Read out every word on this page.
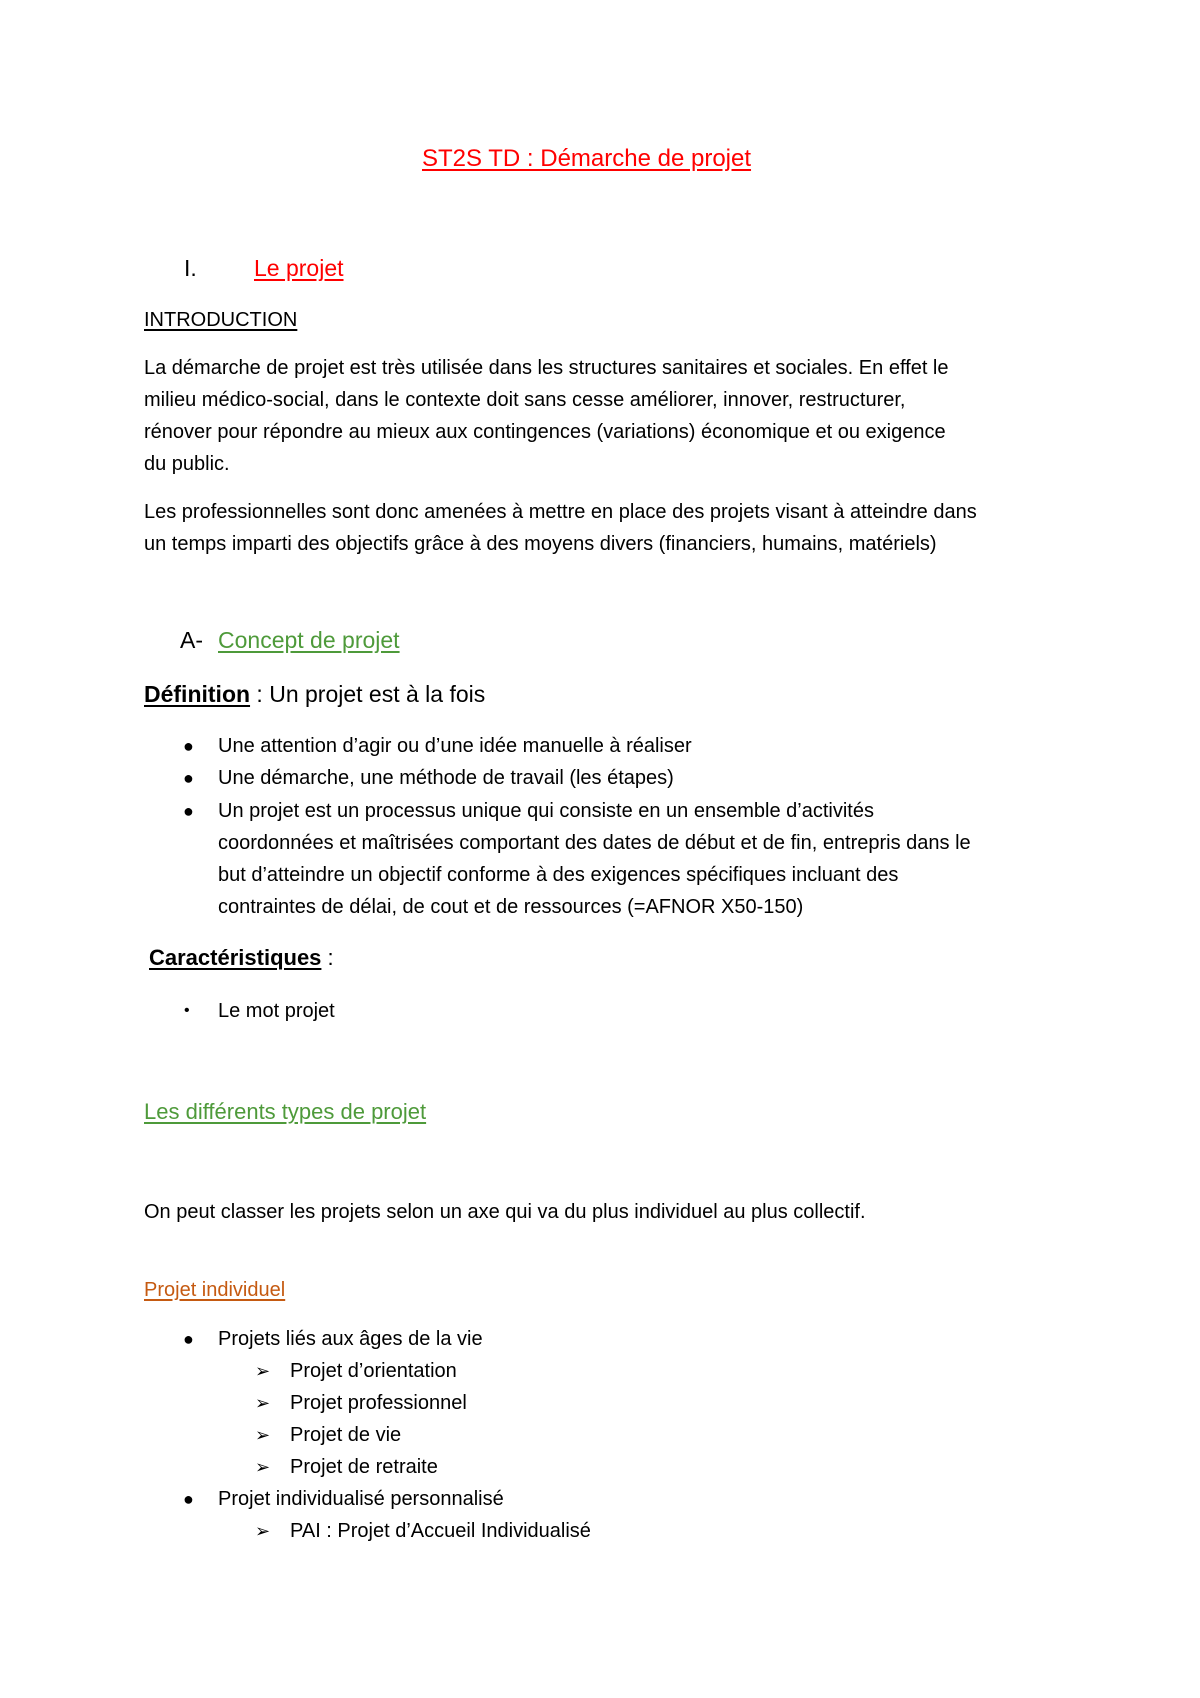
ST2S TD : Démarche de projet
I. Le projet
INTRODUCTION
La démarche de projet est très utilisée dans les structures sanitaires et sociales. En effet le
milieu médico-social, dans le contexte doit sans cesse améliorer, innover, restructurer,
rénover pour répondre au mieux aux contingences (variations) économique et ou exigence
du public.
Les professionnelles sont donc amenées à mettre en place des projets visant à atteindre dans
un temps imparti des objectifs grâce à des moyens divers (financiers, humains, matériels)
A- Concept de projet
Définition : Un projet est à la fois
● Une attention d’agir ou d’une idée manuelle à réaliser
● Une démarche, une méthode de travail (les étapes)
● Un projet est un processus unique qui consiste en un ensemble d’activités
coordonnées et maîtrisées comportant des dates de début et de fin, entrepris dans le
but d’atteindre un objectif conforme à des exigences spécifiques incluant des
contraintes de délai, de cout et de ressources (=AFNOR X50-150)
Caractéristiques :
• Le mot projet
Les différents types de projet
On peut classer les projets selon un axe qui va du plus individuel au plus collectif.
Projet individuel
● Projets liés aux âges de la vie
➢ Projet d’orientation
➢ Projet professionnel
➢ Projet de vie
➢ Projet de retraite
● Projet individualisé personnalisé
➢ PAI : Projet d’Accueil Individualisé
